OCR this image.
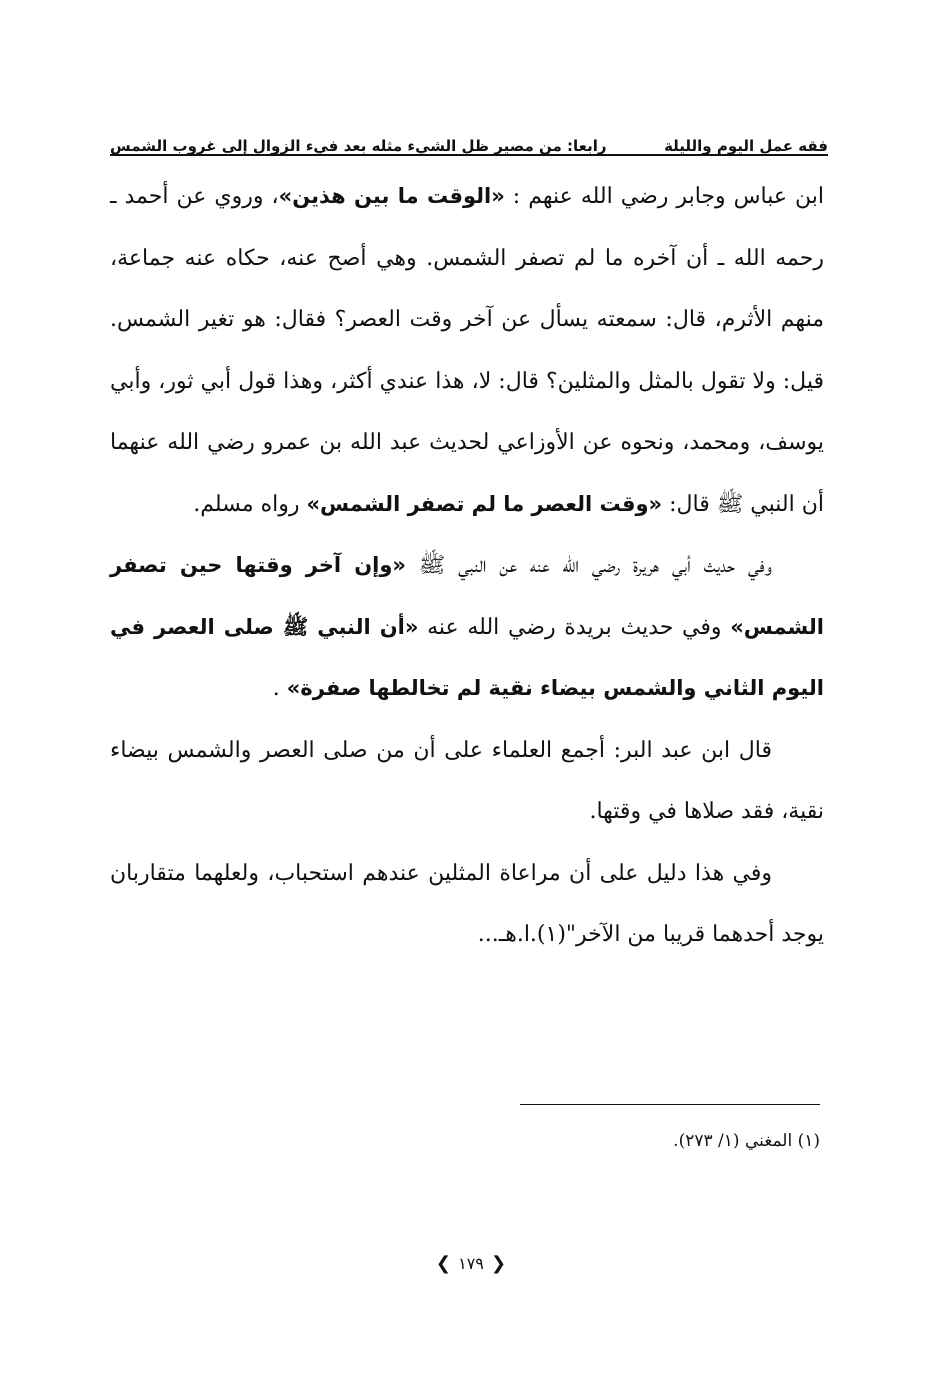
فقه عمل اليوم والليلة
رابعا: من مصير ظل الشيء مثله بعد فيء الزوال إلى غروب الشمس

ابن عباس وجابر رضي الله عنهم : «الوقت ما بين هذين»، وروي عن أحمد ـ رحمه الله ـ أن آخره ما لم تصفر الشمس. وهي أصح عنه، حكاه عنه جماعة، منهم الأثرم، قال: سمعته يسأل عن آخر وقت العصر؟ فقال: هو تغير الشمس. قيل: ولا تقول بالمثل والمثلين؟ قال: لا، هذا عندي أكثر، وهذا قول أبي ثور، وأبي يوسف، ومحمد، ونحوه عن الأوزاعي لحديث عبد الله بن عمرو رضي الله عنهما أن النبي ﷺ قال: «وقت العصر ما لم تصفر الشمس» رواه مسلم.

وفي حديث أبي هريرة رضي الله عنه عن النبي ﷺ «وإن آخر وقتها حين تصفر الشمس» وفي حديث بريدة رضي الله عنه «أن النبي ﷺ صلى العصر في اليوم الثاني والشمس بيضاء نقية لم تخالطها صفرة» .

قال ابن عبد البر: أجمع العلماء على أن من صلى العصر والشمس بيضاء نقية، فقد صلاها في وقتها.

وفي هذا دليل على أن مراعاة المثلين عندهم استحباب، ولعلهما متقاربان يوجد أحدهما قريبا من الآخر"(١).ا.هـ...

(١) المغني (١/ ٢٧٣).
❮ ١٧٩ ❯
